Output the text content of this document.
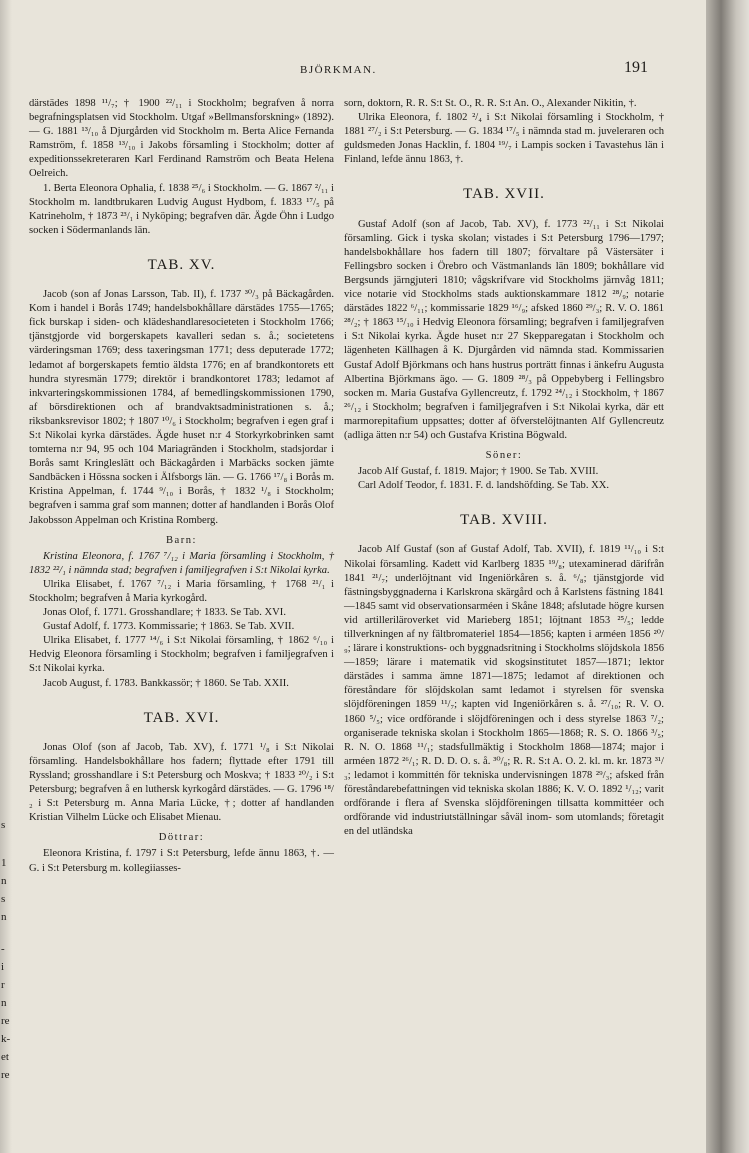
s
1
n
s
n
-
i
r
n
re
k-
et
re
BJÖRKMAN.	191

därstädes 1898 ¹¹/₇; † 1900 ²²/₁₁ i Stockholm; begrafven å norra begrafningsplatsen vid Stockholm. Utgaf »Bellmansforskning» (1892). — G. 1881 ¹³/₁₀ å Djurgården vid Stockholm m. Berta Alice Fernanda Ramström, f. 1858 ¹³/₁₀ i Jakobs församling i Stockholm; dotter af expeditionssekreteraren Karl Ferdinand Ramström och Beata Helena Oelreich.

1. Berta Eleonora Ophalia, f. 1838 ²⁵/₆ i Stockholm. — G. 1867 ²/₁₁ i Stockholm m. landtbrukaren Ludvig August Hydbom, f. 1833 ¹⁷/₅ på Katrineholm, † 1873 ²³/₁ i Nyköping; begrafven där. Ägde Öhn i Ludgo socken i Södermanlands län.

TAB. XV.

Jacob (son af Jonas Larsson, Tab. II), f. 1737 ³⁰/₃ på Bäckagården. Kom i handel i Borås 1749; handelsbokhållare därstädes 1755—1765; fick burskap i siden- och klädeshandlaresocieteten i Stockholm 1766; tjänstgjorde vid borgerskapets kavalleri sedan s. å.; societetens värderingsman 1769; dess taxeringsman 1771; dess deputerade 1772; ledamot af borgerskapets femtio äldsta 1776; en af brandkontorets ett hundra styresmän 1779; direktör i brandkontoret 1783; ledamot af inkvarteringskommissionen 1784, af bemedlingskommissionen 1790, af börsdirektionen och af brandvaktsadministrationen s. å.; riksbanksrevisor 1802; † 1807 ¹⁰/₆ i Stockholm; begrafven i egen graf i S:t Nikolai kyrka därstädes. Ägde huset n:r 4 Storkyrkobrinken samt tomterna n:r 94, 95 och 104 Mariagränden i Stockholm, stadsjordar i Borås samt Kringleslätt och Bäckagården i Marbäcks socken jämte Sandbäcken i Hössna socken i Älfsborgs län. — G. 1766 ¹⁷/₈ i Borås m. Kristina Appelman, f. 1744 ⁹/₁₀ i Borås, † 1832 ¹/₈ i Stockholm; begrafven i samma graf som mannen; dotter af handlanden i Borås Olof Jakobsson Appelman och Kristina Romberg.

Barn:

Kristina Eleonora, f. 1767 ⁷/₁₂ i Maria församling i Stockholm, † 1832 ²²/₁ i nämnda stad; begrafven i familjegrafven i S:t Nikolai kyrka.

Ulrika Elisabet, f. 1767 ⁷/₁₂ i Maria församling, † 1768 ²¹/₁ i Stockholm; begrafven å Maria kyrkogård.

Jonas Olof, f. 1771. Grosshandlare; † 1833. Se Tab. XVI.

Gustaf Adolf, f. 1773. Kommissarie; † 1863. Se Tab. XVII.

Ulrika Elisabet, f. 1777 ¹⁴/₆ i S:t Nikolai församling, † 1862 ⁶/₁₀ i Hedvig Eleonora församling i Stockholm; begrafven i familjegrafven i S:t Nikolai kyrka.

Jacob August, f. 1783. Bankkassör; † 1860. Se Tab. XXII.

TAB. XVI.

Jonas Olof (son af Jacob, Tab. XV), f. 1771 ¹/₈ i S:t Nikolai församling. Handelsbokhållare hos fadern; flyttade efter 1791 till Ryssland; grosshandlare i S:t Petersburg och Moskva; † 1833 ²⁰/₂ i S:t Petersburg; begrafven å en luthersk kyrkogård därstädes. — G. 1796 ¹⁸/₂ i S:t Petersburg m. Anna Maria Lücke, †; dotter af handlanden Kristian Vilhelm Lücke och Elisabet Mienau.

Döttrar:

Eleonora Kristina, f. 1797 i S:t Petersburg, lefde ännu 1863, †. — G. i S:t Petersburg m. kollegiiasses-

sorn, doktorn, R. R. S:t St. O., R. R. S:t An. O., Alexander Nikitin, †.

Ulrika Eleonora, f. 1802 ²/₄ i S:t Nikolai församling i Stockholm, † 1881 ²⁷/₂ i S:t Petersburg. — G. 1834 ¹⁷/₅ i nämnda stad m. juveleraren och guldsmeden Jonas Hacklin, f. 1804 ¹⁹/₇ i Lampis socken i Tavastehus län i Finland, lefde ännu 1863, †.

TAB. XVII.

Gustaf Adolf (son af Jacob, Tab. XV), f. 1773 ²²/₁₁ i S:t Nikolai församling. Gick i tyska skolan; vistades i S:t Petersburg 1796—1797; handelsbokhållare hos fadern till 1807; förvaltare på Västersäter i Fellingsbro socken i Örebro och Västmanlands län 1809; bokhållare vid Bergsunds järngjuteri 1810; vågskrifvare vid Stockholms järnvåg 1811; vice notarie vid Stockholms stads auktionskammare 1812 ²⁸/₉; notarie därstädes 1822 ⁶/₁₁; kommissarie 1829 ¹⁶/₉; afsked 1860 ²⁹/₃; R. V. O. 1861 ²⁸/₂; † 1863 ¹⁵/₁₀ i Hedvig Eleonora församling; begrafven i familjegrafven i S:t Nikolai kyrka. Ägde huset n:r 27 Skepparegatan i Stockholm och lägenheten Källhagen å K. Djurgården vid nämnda stad. Kommissarien Gustaf Adolf Björkmans och hans hustrus porträtt finnas i änkefru Augusta Albertina Björkmans ägo. — G. 1809 ²⁸/₃ på Oppebyberg i Fellingsbro socken m. Maria Gustafva Gyllencreutz, f. 1792 ²⁴/₁₂ i Stockholm, † 1867 ²⁶/₁₂ i Stockholm; begrafven i familjegrafven i S:t Nikolai kyrka, där ett marmorepitafium uppsattes; dotter af öfverstelöjtnanten Alf Gyllencreutz (adliga ätten n:r 54) och Gustafva Kristina Bögwald.

Söner:

Jacob Alf Gustaf, f. 1819. Major; † 1900. Se Tab. XVIII.

Carl Adolf Teodor, f. 1831. F. d. landshöfding. Se Tab. XX.

TAB. XVIII.

Jacob Alf Gustaf (son af Gustaf Adolf, Tab. XVII), f. 1819 ¹¹/₁₀ i S:t Nikolai församling. Kadett vid Karlberg 1835 ¹⁹/₈; utexaminerad därifrån 1841 ²¹/₇; underlöjtnant vid Ingeniörkåren s. å. ⁶/₈; tjänstgjorde vid fästningsbyggnaderna i Karlskrona skärgård och å Karlstens fästning 1841—1845 samt vid observationsarméen i Skåne 1848; afslutade högre kursen vid artilleriläroverket vid Marieberg 1851; löjtnant 1853 ²⁵/₅; ledde tillverkningen af ny fältbromateriel 1854—1856; kapten i arméen 1856 ²⁰/₉; lärare i konstruktions- och byggnadsritning i Stockholms slöjdskola 1856—1859; lärare i matematik vid skogsinstitutet 1857—1871; lektor därstädes i samma ämne 1871—1875; ledamot af direktionen och föreståndare för slöjdskolan samt ledamot i styrelsen för svenska slöjdföreningen 1859 ¹¹/₇; kapten vid Ingeniörkåren s. å. ²⁷/₁₀; R. V. O. 1860 ⁵/₅; vice ordförande i slöjdföreningen och i dess styrelse 1863 ⁷/₂; organiserade tekniska skolan i Stockholm 1865—1868; R. S. O. 1866 ³/₅; R. N. O. 1868 ¹¹/₁; stadsfullmäktig i Stockholm 1868—1874; major i arméen 1872 ²⁶/₁; R. D. D. O. s. å. ³⁰/₈; R. R. S:t A. O. 2. kl. m. kr. 1873 ³¹/₃; ledamot i kommittén för tekniska undervisningen 1878 ²⁹/₃; afsked från föreståndarebefattningen vid tekniska skolan 1886; K. V. O. 1892 ¹/₁₂; varit ordförande i flera af Svenska slöjdföreningen tillsatta kommittéer och ordförande vid industriutställningar såväl inom- som utomlands; företagit en del utländska
